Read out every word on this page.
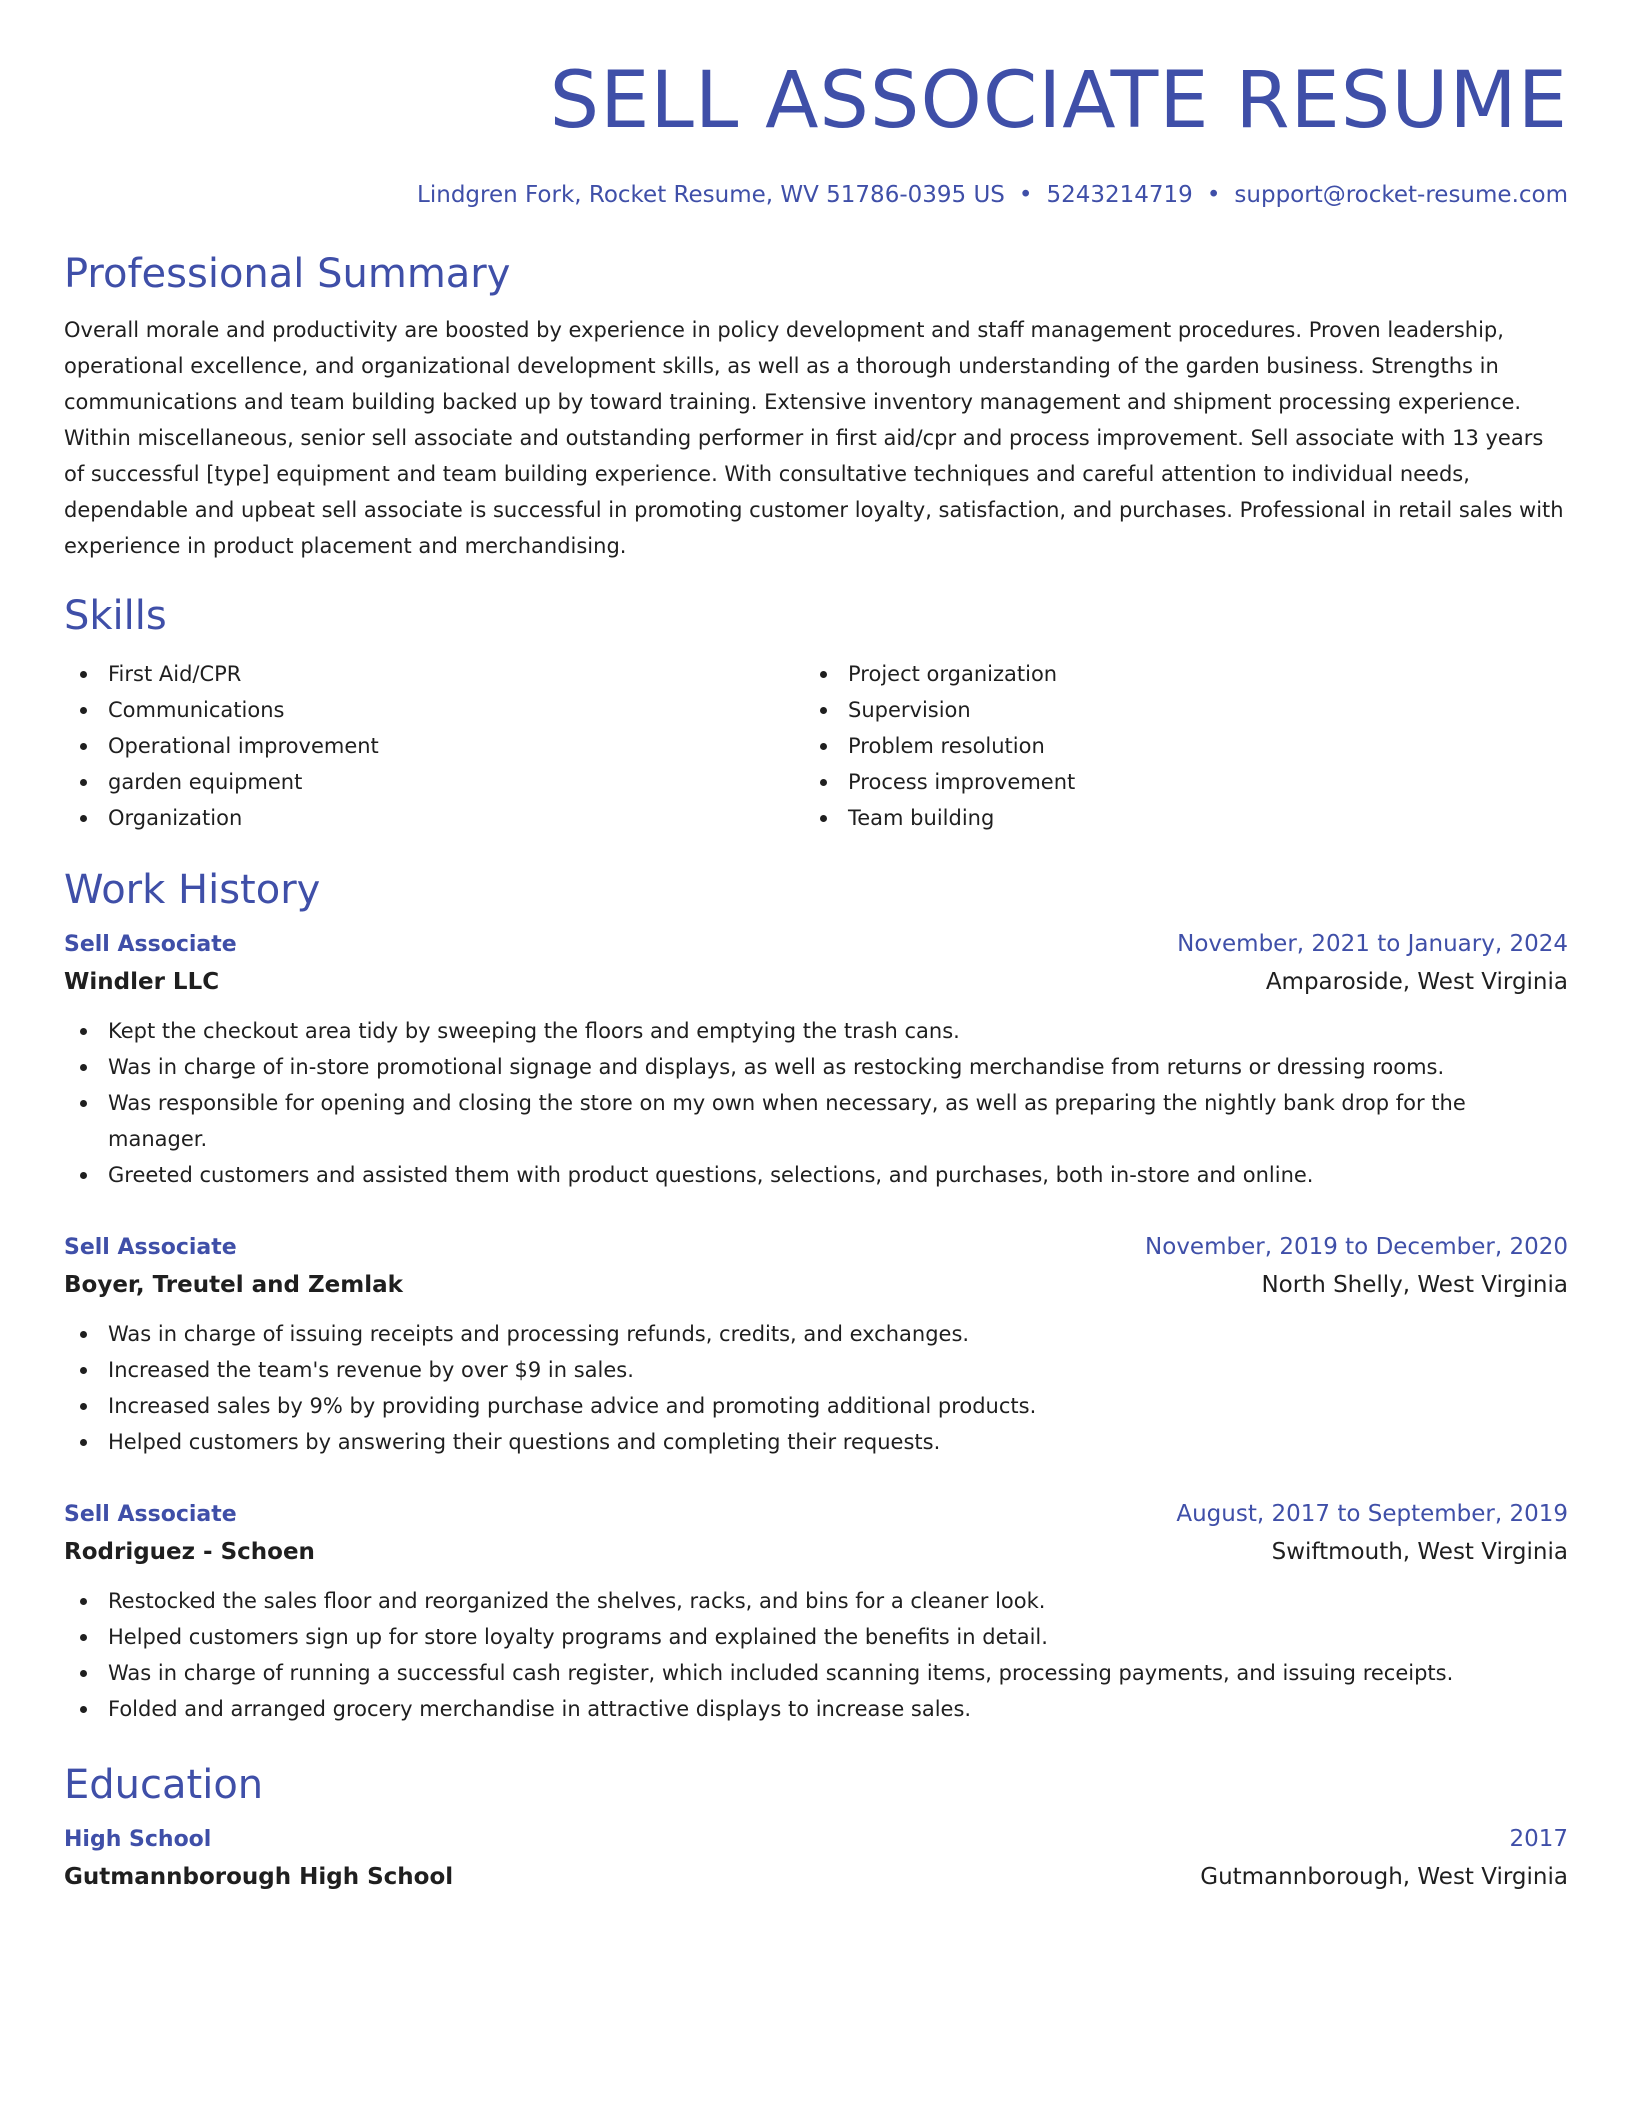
SELL ASSOCIATE RESUME
Lindgren Fork, Rocket Resume, WV 51786-0395 US • 5243214719 • support@rocket-resume.com
Professional Summary

Overall morale and productivity are boosted by experience in policy development and staff management procedures. Proven leadership, operational excellence, and organizational development skills, as well as a thorough understanding of the garden business. Strengths in communications and team building backed up by toward training. Extensive inventory management and shipment processing experience. Within miscellaneous, senior sell associate and outstanding performer in first aid/cpr and process improvement. Sell associate with 13 years of successful [type] equipment and team building experience. With consultative techniques and careful attention to individual needs, dependable and upbeat sell associate is successful in promoting customer loyalty, satisfaction, and purchases. Professional in retail sales with experience in product placement and merchandising.

Skills
First Aid/CPR
Communications
Operational improvement
garden equipment
Organization
Project organization
Supervision
Problem resolution
Process improvement
Team building
Work History
Sell Associate	November, 2021 to January, 2024
Windler LLC	Amparoside, West Virginia
Kept the checkout area tidy by sweeping the floors and emptying the trash cans.
Was in charge of in-store promotional signage and displays, as well as restocking merchandise from returns or dressing rooms.
Was responsible for opening and closing the store on my own when necessary, as well as preparing the nightly bank drop for the manager.
Greeted customers and assisted them with product questions, selections, and purchases, both in-store and online.
Sell Associate	November, 2019 to December, 2020
Boyer, Treutel and Zemlak	North Shelly, West Virginia
Was in charge of issuing receipts and processing refunds, credits, and exchanges.
Increased the team's revenue by over $9 in sales.
Increased sales by 9% by providing purchase advice and promoting additional products.
Helped customers by answering their questions and completing their requests.
Sell Associate	August, 2017 to September, 2019
Rodriguez - Schoen	Swiftmouth, West Virginia
Restocked the sales floor and reorganized the shelves, racks, and bins for a cleaner look.
Helped customers sign up for store loyalty programs and explained the benefits in detail.
Was in charge of running a successful cash register, which included scanning items, processing payments, and issuing receipts.
Folded and arranged grocery merchandise in attractive displays to increase sales.
Education
High School	2017
Gutmannborough High School	Gutmannborough, West Virginia
